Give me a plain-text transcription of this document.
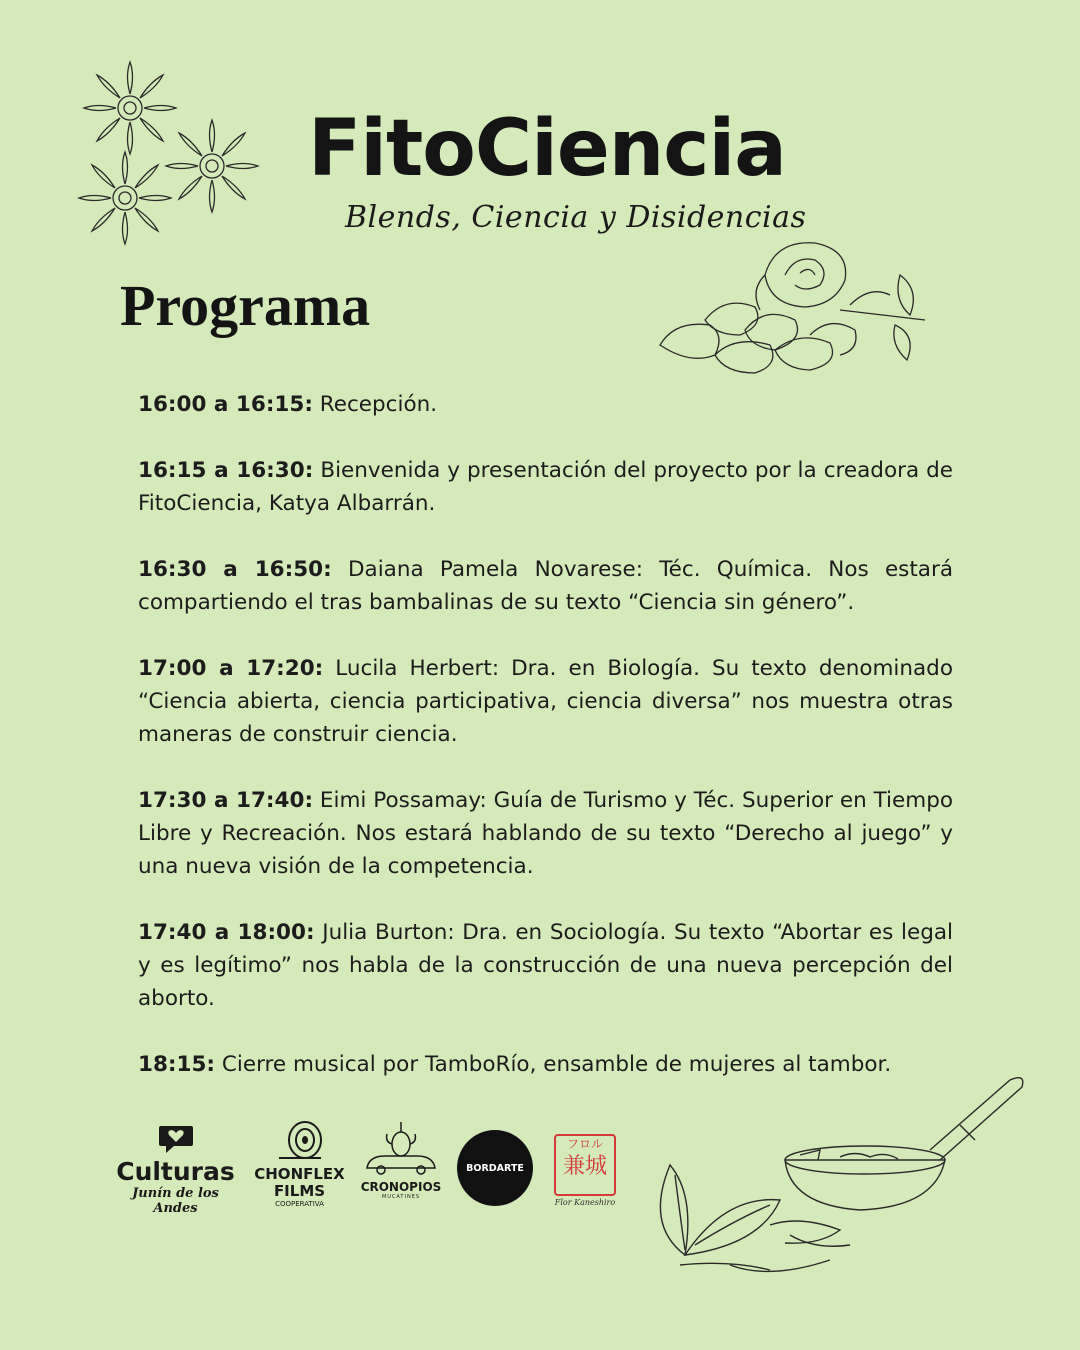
FitoCiencia
Blends, Ciencia y Disidencias
Programa

16:00 a 16:15: Recepción.

16:15 a 16:30: Bienvenida y presentación del proyecto por la creadora de FitoCiencia, Katya Albarrán.

16:30 a 16:50: Daiana Pamela Novarese: Téc. Química. Nos estará compartiendo el tras bambalinas de su texto “Ciencia sin género”.

17:00 a 17:20: Lucila Herbert: Dra. en Biología. Su texto denominado “Ciencia abierta, ciencia participativa, ciencia diversa” nos muestra otras maneras de construir ciencia.

17:30 a 17:40: Eimi Possamay: Guía de Turismo y Téc. Superior en Tiempo Libre y Recreación. Nos estará hablando de su texto “Derecho al juego” y una nueva visión de la competencia.

17:40 a 18:00: Julia Burton: Dra. en Sociología. Su texto “Abortar es legal y es legítimo” nos habla de la construcción de una nueva percepción del aborto.

18:15: Cierre musical por TamboRío, ensamble de mujeres al tambor.

Culturas
Junín de los Andes
CHONFLEX
FILMS
COOPERATIVA
CRONOPIOS
MUCATINES
BORDARTE
フロル
兼城
Flor Kaneshiro
